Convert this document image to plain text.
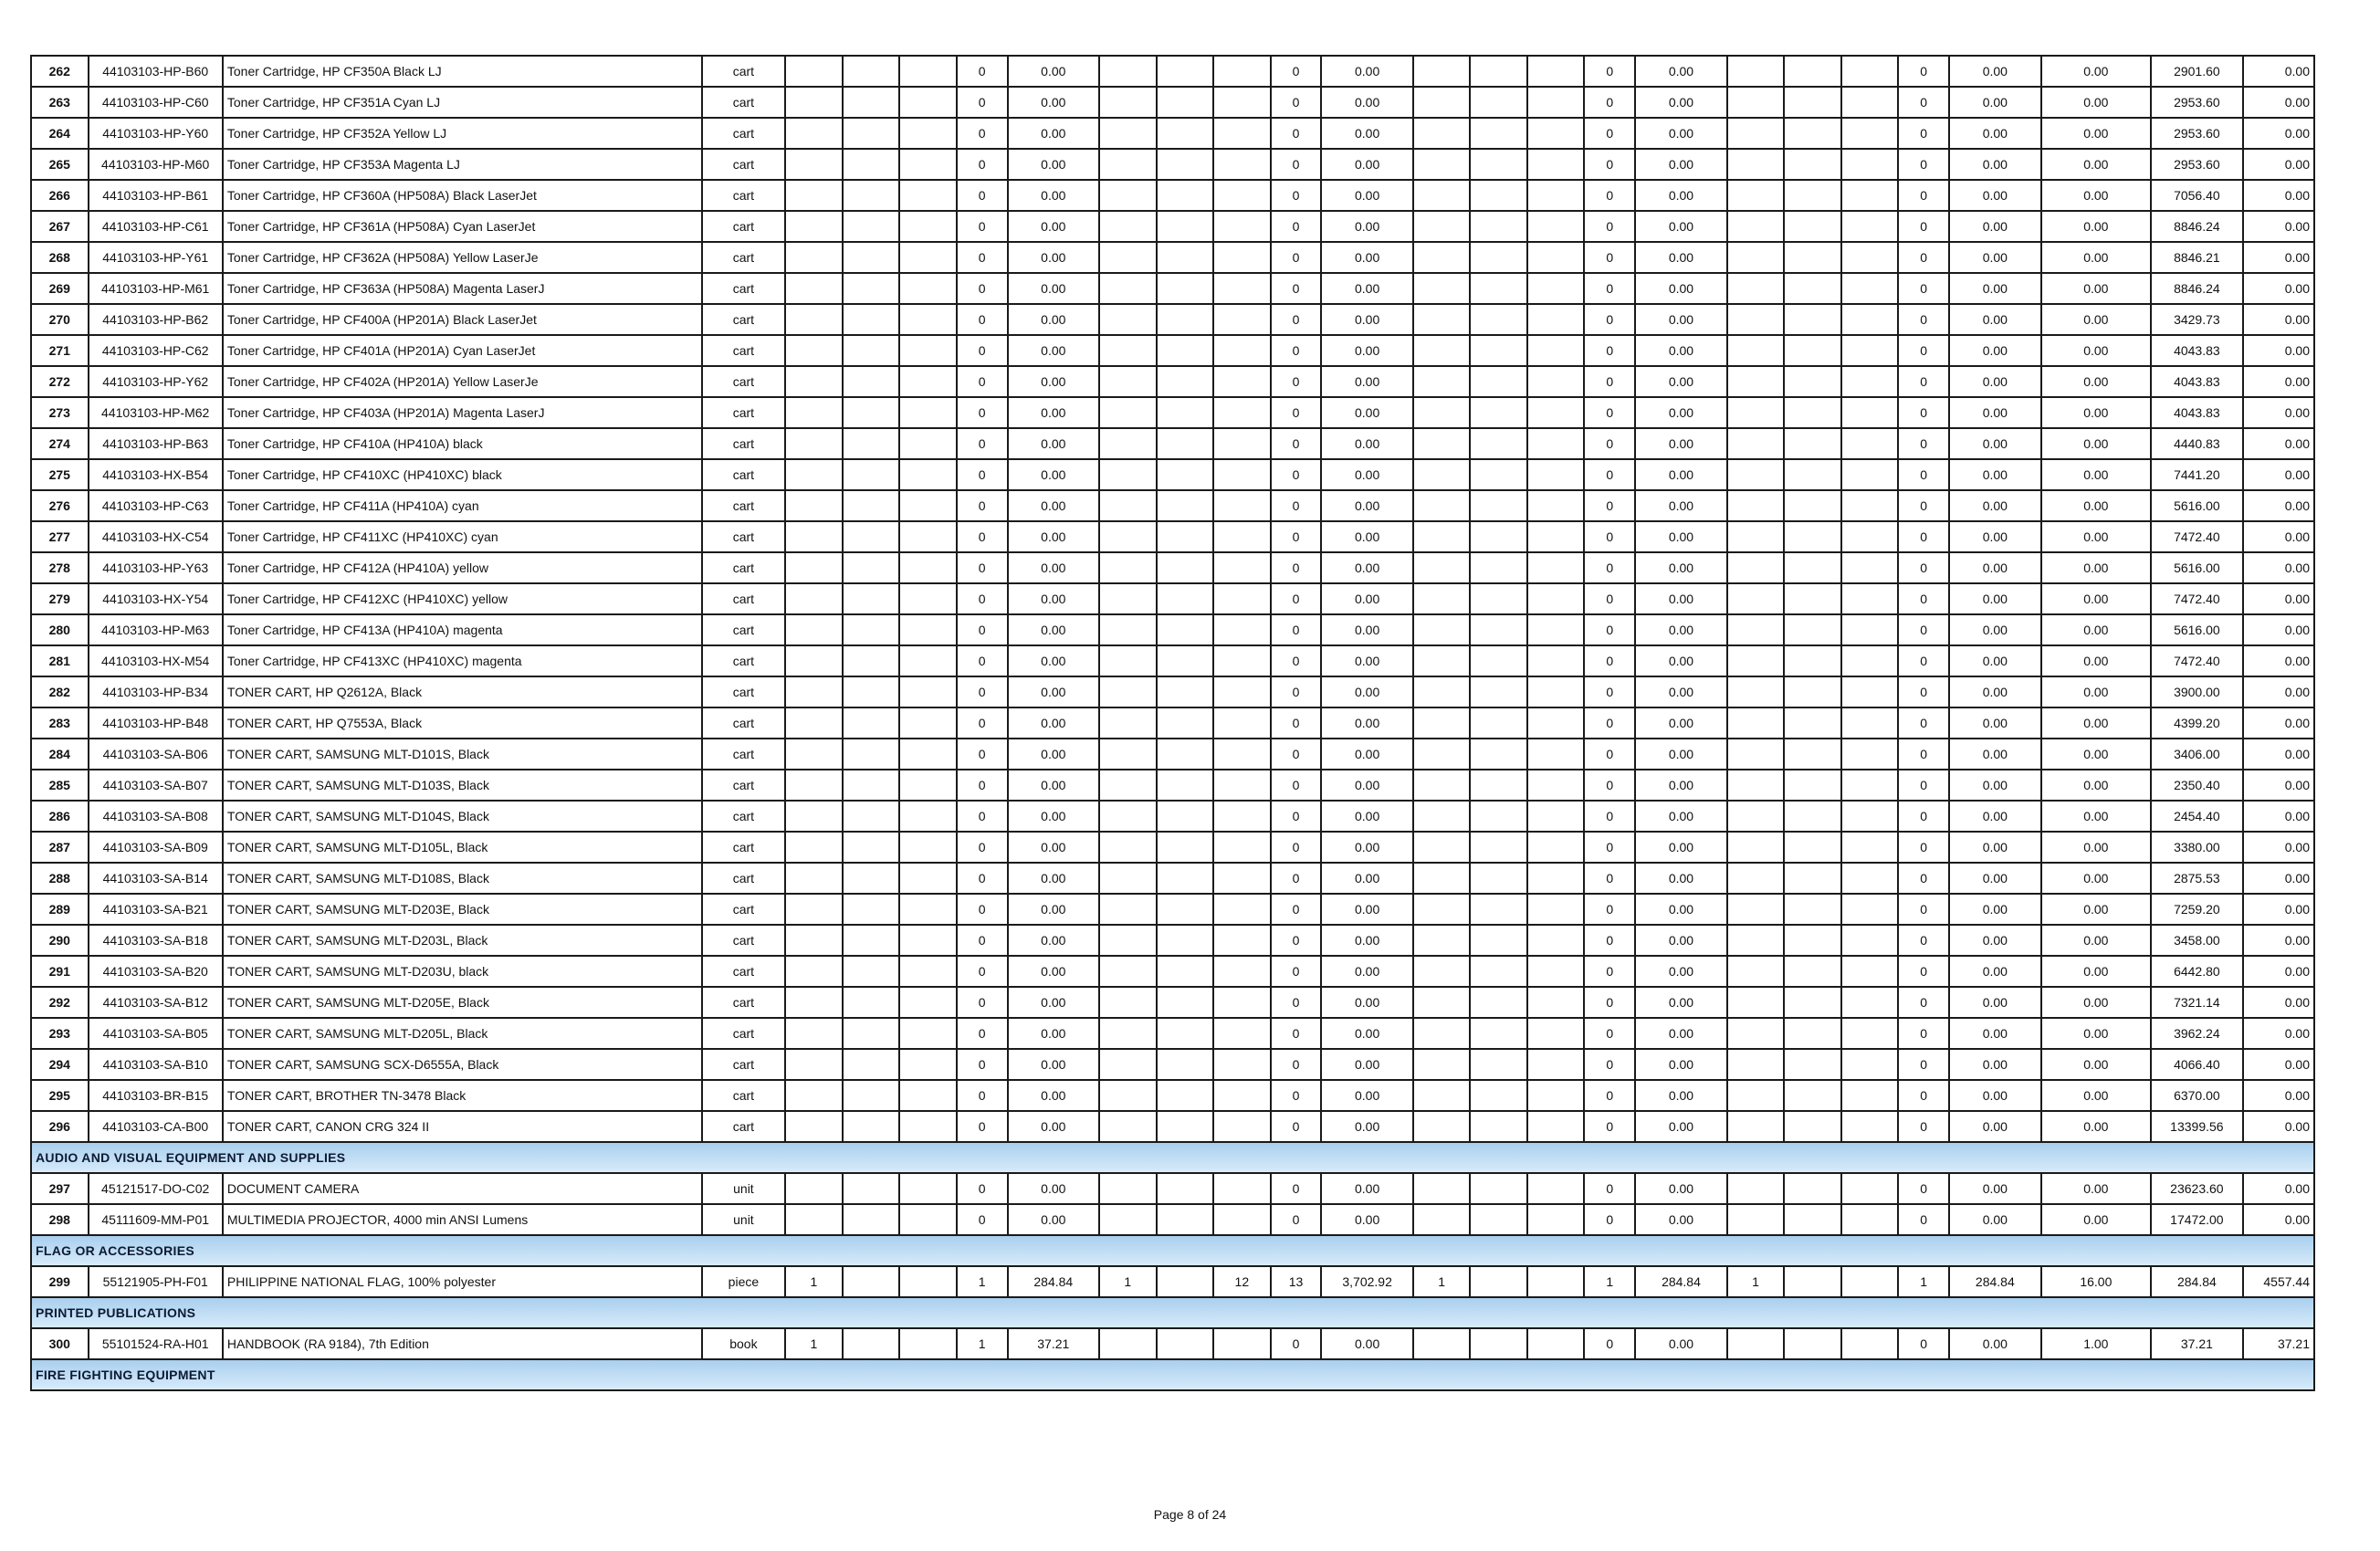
262	44103103-HP-B60	Toner Cartridge, HP CF350A Black LJ	cart				0	0.00				0	0.00				0	0.00				0	0.00	0.00	2901.60	0.00
263	44103103-HP-C60	Toner Cartridge, HP CF351A Cyan LJ	cart				0	0.00				0	0.00				0	0.00				0	0.00	0.00	2953.60	0.00
264	44103103-HP-Y60	Toner Cartridge, HP CF352A Yellow LJ	cart				0	0.00				0	0.00				0	0.00				0	0.00	0.00	2953.60	0.00
265	44103103-HP-M60	Toner Cartridge, HP CF353A Magenta LJ	cart				0	0.00				0	0.00				0	0.00				0	0.00	0.00	2953.60	0.00
266	44103103-HP-B61	Toner Cartridge, HP CF360A (HP508A) Black LaserJet	cart				0	0.00				0	0.00				0	0.00				0	0.00	0.00	7056.40	0.00
267	44103103-HP-C61	Toner Cartridge, HP CF361A (HP508A) Cyan LaserJet	cart				0	0.00				0	0.00				0	0.00				0	0.00	0.00	8846.24	0.00
268	44103103-HP-Y61	Toner Cartridge, HP CF362A (HP508A) Yellow LaserJe	cart				0	0.00				0	0.00				0	0.00				0	0.00	0.00	8846.21	0.00
269	44103103-HP-M61	Toner Cartridge, HP CF363A (HP508A) Magenta LaserJ	cart				0	0.00				0	0.00				0	0.00				0	0.00	0.00	8846.24	0.00
270	44103103-HP-B62	Toner Cartridge, HP CF400A (HP201A) Black LaserJet	cart				0	0.00				0	0.00				0	0.00				0	0.00	0.00	3429.73	0.00
271	44103103-HP-C62	Toner Cartridge, HP CF401A (HP201A) Cyan LaserJet	cart				0	0.00				0	0.00				0	0.00				0	0.00	0.00	4043.83	0.00
272	44103103-HP-Y62	Toner Cartridge, HP CF402A (HP201A) Yellow LaserJe	cart				0	0.00				0	0.00				0	0.00				0	0.00	0.00	4043.83	0.00
273	44103103-HP-M62	Toner Cartridge, HP CF403A (HP201A) Magenta LaserJ	cart				0	0.00				0	0.00				0	0.00				0	0.00	0.00	4043.83	0.00
274	44103103-HP-B63	Toner Cartridge, HP CF410A (HP410A) black	cart				0	0.00				0	0.00				0	0.00				0	0.00	0.00	4440.83	0.00
275	44103103-HX-B54	Toner Cartridge, HP CF410XC (HP410XC) black	cart				0	0.00				0	0.00				0	0.00				0	0.00	0.00	7441.20	0.00
276	44103103-HP-C63	Toner Cartridge, HP CF411A (HP410A) cyan	cart				0	0.00				0	0.00				0	0.00				0	0.00	0.00	5616.00	0.00
277	44103103-HX-C54	Toner Cartridge, HP CF411XC (HP410XC) cyan	cart				0	0.00				0	0.00				0	0.00				0	0.00	0.00	7472.40	0.00
278	44103103-HP-Y63	Toner Cartridge, HP CF412A (HP410A) yellow	cart				0	0.00				0	0.00				0	0.00				0	0.00	0.00	5616.00	0.00
279	44103103-HX-Y54	Toner Cartridge, HP CF412XC (HP410XC) yellow	cart				0	0.00				0	0.00				0	0.00				0	0.00	0.00	7472.40	0.00
280	44103103-HP-M63	Toner Cartridge, HP CF413A (HP410A) magenta	cart				0	0.00				0	0.00				0	0.00				0	0.00	0.00	5616.00	0.00
281	44103103-HX-M54	Toner Cartridge, HP CF413XC (HP410XC) magenta	cart				0	0.00				0	0.00				0	0.00				0	0.00	0.00	7472.40	0.00
282	44103103-HP-B34	TONER CART, HP Q2612A, Black	cart				0	0.00				0	0.00				0	0.00				0	0.00	0.00	3900.00	0.00
283	44103103-HP-B48	TONER CART, HP Q7553A, Black	cart				0	0.00				0	0.00				0	0.00				0	0.00	0.00	4399.20	0.00
284	44103103-SA-B06	TONER CART, SAMSUNG MLT-D101S, Black	cart				0	0.00				0	0.00				0	0.00				0	0.00	0.00	3406.00	0.00
285	44103103-SA-B07	TONER CART, SAMSUNG MLT-D103S, Black	cart				0	0.00				0	0.00				0	0.00				0	0.00	0.00	2350.40	0.00
286	44103103-SA-B08	TONER CART, SAMSUNG MLT-D104S, Black	cart				0	0.00				0	0.00				0	0.00				0	0.00	0.00	2454.40	0.00
287	44103103-SA-B09	TONER CART, SAMSUNG MLT-D105L, Black	cart				0	0.00				0	0.00				0	0.00				0	0.00	0.00	3380.00	0.00
288	44103103-SA-B14	TONER CART, SAMSUNG MLT-D108S, Black	cart				0	0.00				0	0.00				0	0.00				0	0.00	0.00	2875.53	0.00
289	44103103-SA-B21	TONER CART, SAMSUNG MLT-D203E, Black	cart				0	0.00				0	0.00				0	0.00				0	0.00	0.00	7259.20	0.00
290	44103103-SA-B18	TONER CART, SAMSUNG MLT-D203L, Black	cart				0	0.00				0	0.00				0	0.00				0	0.00	0.00	3458.00	0.00
291	44103103-SA-B20	TONER CART, SAMSUNG MLT-D203U, black	cart				0	0.00				0	0.00				0	0.00				0	0.00	0.00	6442.80	0.00
292	44103103-SA-B12	TONER CART, SAMSUNG MLT-D205E, Black	cart				0	0.00				0	0.00				0	0.00				0	0.00	0.00	7321.14	0.00
293	44103103-SA-B05	TONER CART, SAMSUNG MLT-D205L, Black	cart				0	0.00				0	0.00				0	0.00				0	0.00	0.00	3962.24	0.00
294	44103103-SA-B10	TONER CART, SAMSUNG SCX-D6555A, Black	cart				0	0.00				0	0.00				0	0.00				0	0.00	0.00	4066.40	0.00
295	44103103-BR-B15	TONER CART, BROTHER TN-3478 Black	cart				0	0.00				0	0.00				0	0.00				0	0.00	0.00	6370.00	0.00
296	44103103-CA-B00	TONER CART, CANON CRG 324 II	cart				0	0.00				0	0.00				0	0.00				0	0.00	0.00	13399.56	0.00
AUDIO AND VISUAL EQUIPMENT AND SUPPLIES																										
297	45121517-DO-C02	DOCUMENT CAMERA	unit				0	0.00				0	0.00				0	0.00				0	0.00	0.00	23623.60	0.00
298	45111609-MM-P01	MULTIMEDIA PROJECTOR, 4000 min ANSI Lumens	unit				0	0.00				0	0.00				0	0.00				0	0.00	0.00	17472.00	0.00
FLAG OR ACCESSORIES																										
299	55121905-PH-F01	PHILIPPINE NATIONAL FLAG, 100% polyester	piece	1			1	284.84	1		12	13	3,702.92	1			1	284.84	1			1	284.84	16.00	284.84	4557.44
PRINTED PUBLICATIONS																										
300	55101524-RA-H01	HANDBOOK (RA 9184), 7th Edition	book	1			1	37.21				0	0.00				0	0.00				0	0.00	1.00	37.21	37.21
FIRE FIGHTING EQUIPMENT																										
Page 8 of 24
